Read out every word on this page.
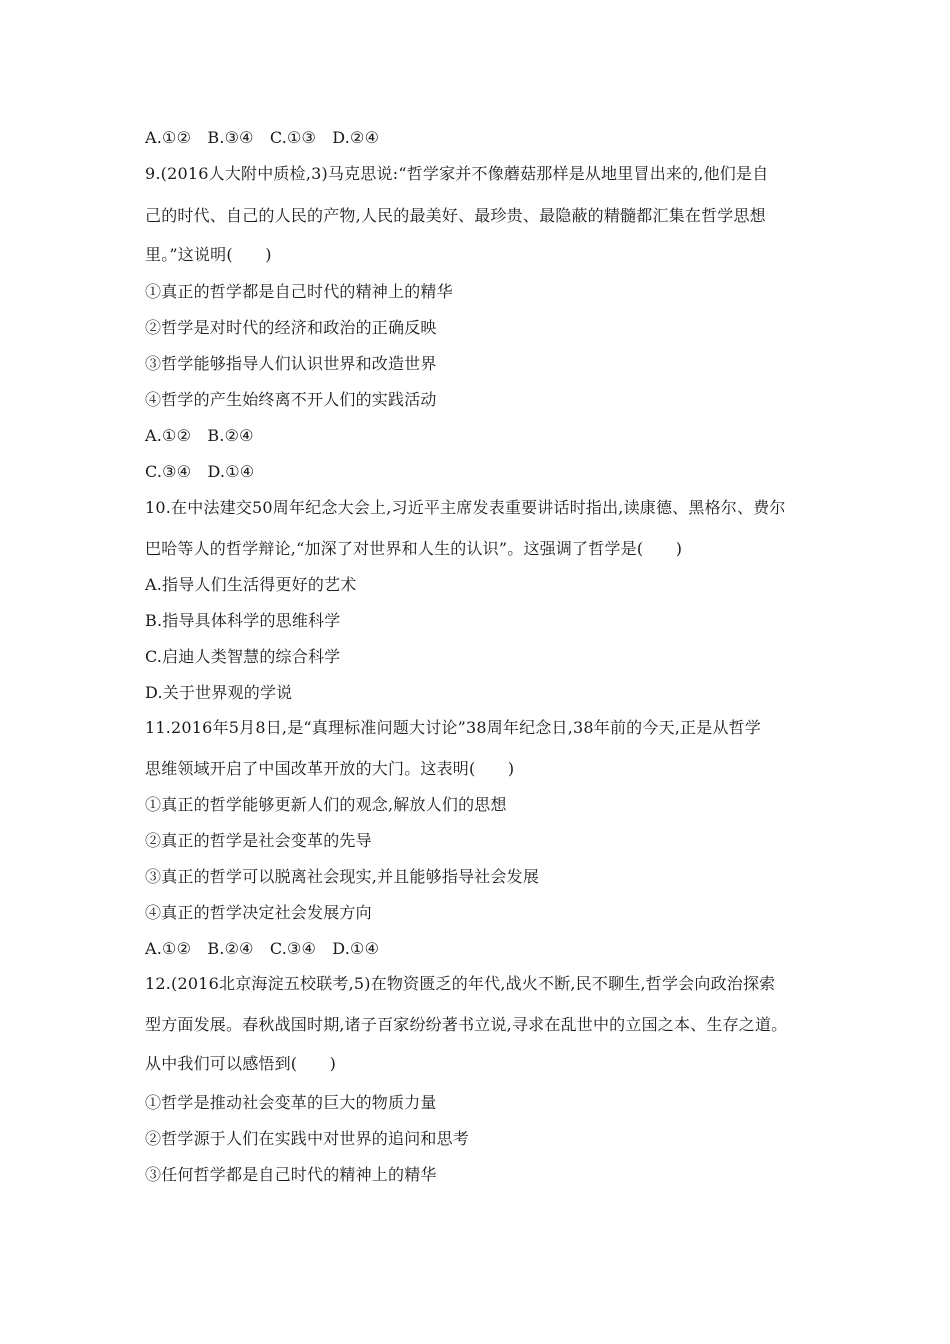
A.①②　B.③④　C.①③　D.②④
9.(2016人大附中质检,3)马克思说:“哲学家并不像蘑菇那样是从地里冒出来的,他们是自
己的时代、自己的人民的产物,人民的最美好、最珍贵、最隐蔽的精髓都汇集在哲学思想
里。”这说明(　　)
①真正的哲学都是自己时代的精神上的精华
②哲学是对时代的经济和政治的正确反映
③哲学能够指导人们认识世界和改造世界
④哲学的产生始终离不开人们的实践活动
A.①②　B.②④
C.③④　D.①④
10.在中法建交50周年纪念大会上,习近平主席发表重要讲话时指出,读康德、黑格尔、费尔
巴哈等人的哲学辩论,“加深了对世界和人生的认识”。这强调了哲学是(　　)
A.指导人们生活得更好的艺术
B.指导具体科学的思维科学
C.启迪人类智慧的综合科学
D.关于世界观的学说
11.2016年5月8日,是“真理标准问题大讨论”38周年纪念日,38年前的今天,正是从哲学
思维领域开启了中国改革开放的大门。这表明(　　)
①真正的哲学能够更新人们的观念,解放人们的思想
②真正的哲学是社会变革的先导
③真正的哲学可以脱离社会现实,并且能够指导社会发展
④真正的哲学决定社会发展方向
A.①②　B.②④　C.③④　D.①④
12.(2016北京海淀五校联考,5)在物资匮乏的年代,战火不断,民不聊生,哲学会向政治探索
型方面发展。春秋战国时期,诸子百家纷纷著书立说,寻求在乱世中的立国之本、生存之道。
从中我们可以感悟到(　　)
①哲学是推动社会变革的巨大的物质力量
②哲学源于人们在实践中对世界的追问和思考
③任何哲学都是自己时代的精神上的精华
